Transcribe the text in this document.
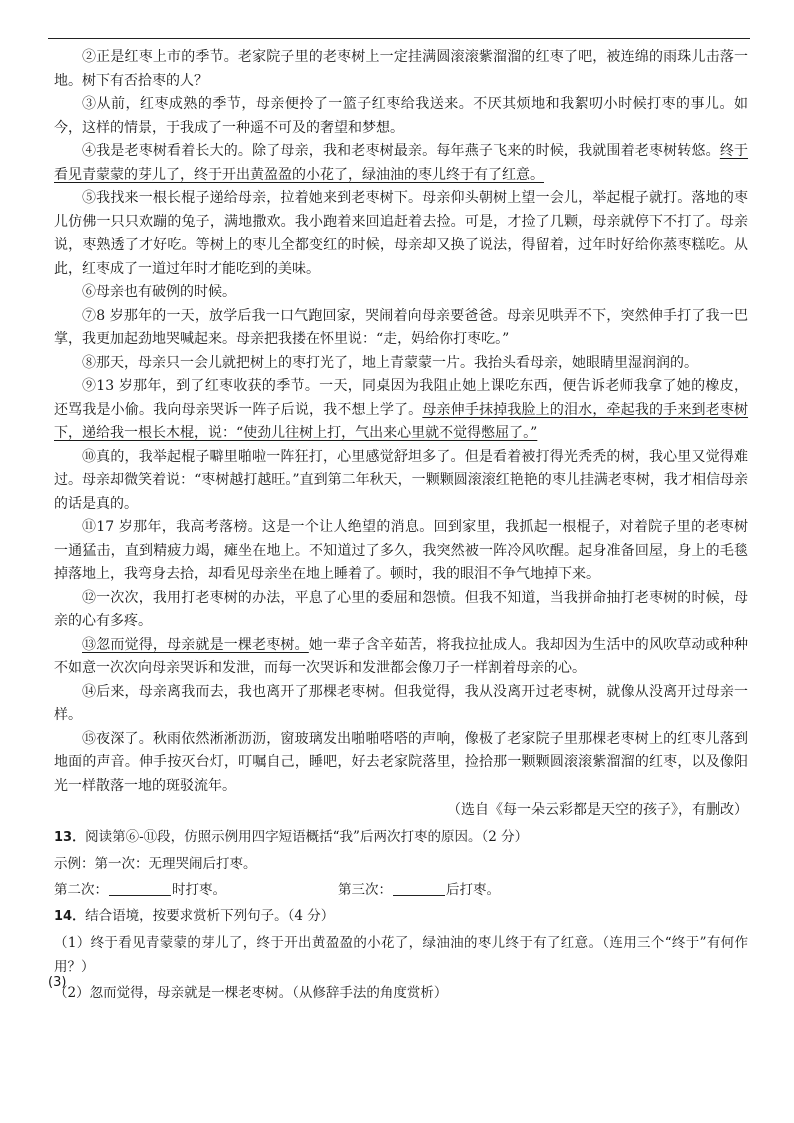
②正是红枣上市的季节。老家院子里的老枣树上一定挂满圆滚滚紫溜溜的红枣了吧，被连绵的雨珠儿击落一地。树下有否拾枣的人？

③从前，红枣成熟的季节，母亲便拎了一篮子红枣给我送来。不厌其烦地和我絮叨小时候打枣的事儿。如今，这样的情景，于我成了一种遥不可及的奢望和梦想。

④我是老枣树看着长大的。除了母亲，我和老枣树最亲。每年燕子飞来的时候，我就围着老枣树转悠。终于看见青蒙蒙的芽儿了，终于开出黄盈盈的小花了，绿油油的枣儿终于有了红意。

⑤我找来一根长棍子递给母亲，拉着她来到老枣树下。母亲仰头朝树上望一会儿，举起棍子就打。落地的枣儿仿佛一只只欢蹦的兔子，满地撒欢。我小跑着来回追赶着去捡。可是，才捡了几颗，母亲就停下不打了。母亲说，枣熟透了才好吃。等树上的枣儿全都变红的时候，母亲却又换了说法，得留着，过年时好给你蒸枣糕吃。从此，红枣成了一道过年时才能吃到的美味。

⑥母亲也有破例的时候。

⑦8 岁那年的一天，放学后我一口气跑回家，哭闹着向母亲要爸爸。母亲见哄弄不下，突然伸手打了我一巴掌，我更加起劲地哭喊起来。母亲把我搂在怀里说：“走，妈给你打枣吃。”

⑧那天，母亲只一会儿就把树上的枣打光了，地上青蒙蒙一片。我抬头看母亲，她眼睛里湿润润的。

⑨13 岁那年，到了红枣收获的季节。一天，同桌因为我阻止她上课吃东西，便告诉老师我拿了她的橡皮，还骂我是小偷。我向母亲哭诉一阵子后说，我不想上学了。母亲伸手抹掉我脸上的泪水，牵起我的手来到老枣树下，递给我一根长木棍，说：“使劲儿往树上打，气出来心里就不觉得憋屈了。”

⑩真的，我举起棍子噼里啪啦一阵狂打，心里感觉舒坦多了。但是看着被打得光秃秃的树，我心里又觉得难过。母亲却微笑着说：“枣树越打越旺。”直到第二年秋天，一颗颗圆滚滚红艳艳的枣儿挂满老枣树，我才相信母亲的话是真的。

⑪17 岁那年，我高考落榜。这是一个让人绝望的消息。回到家里，我抓起一根棍子，对着院子里的老枣树一通猛击，直到精疲力竭，瘫坐在地上。不知道过了多久，我突然被一阵冷风吹醒。起身准备回屋，身上的毛毯掉落地上，我弯身去拾，却看见母亲坐在地上睡着了。顿时，我的眼泪不争气地掉下来。

⑫一次次，我用打老枣树的办法，平息了心里的委屈和怨愤。但我不知道，当我拼命抽打老枣树的时候，母亲的心有多疼。

⑬忽而觉得，母亲就是一棵老枣树。她一辈子含辛茹苦，将我拉扯成人。我却因为生活中的风吹草动或种种不如意一次次向母亲哭诉和发泄，而每一次哭诉和发泄都会像刀子一样割着母亲的心。

⑭后来，母亲离我而去，我也离开了那棵老枣树。但我觉得，我从没离开过老枣树，就像从没离开过母亲一样。

⑮夜深了。秋雨依然淅淅沥沥，窗玻璃发出啪啪嗒嗒的声响，像极了老家院子里那棵老枣树上的红枣儿落到地面的声音。伸手按灭台灯，叮嘱自己，睡吧，好去老家院落里，捡拾那一颗颗圆滚滚紫溜溜的红枣，以及像阳光一样散落一地的斑驳流年。

（选自《每一朵云彩都是天空的孩子》，有删改）

13．阅读第⑥-⑪段，仿照示例用四字短语概括“我”后两次打枣的原因。（2 分）

示例：第一次：无理哭闹后打枣。

第二次：	时打枣。	第三次：	后打枣。

14．结合语境，按要求赏析下列句子。（4 分）

（1）终于看见青蒙蒙的芽儿了，终于开出黄盈盈的小花了，绿油油的枣儿终于有了红意。（连用三个“终于”有何作用？）

（2）忽而觉得，母亲就是一棵老枣树。（从修辞手法的角度赏析）

(3)
